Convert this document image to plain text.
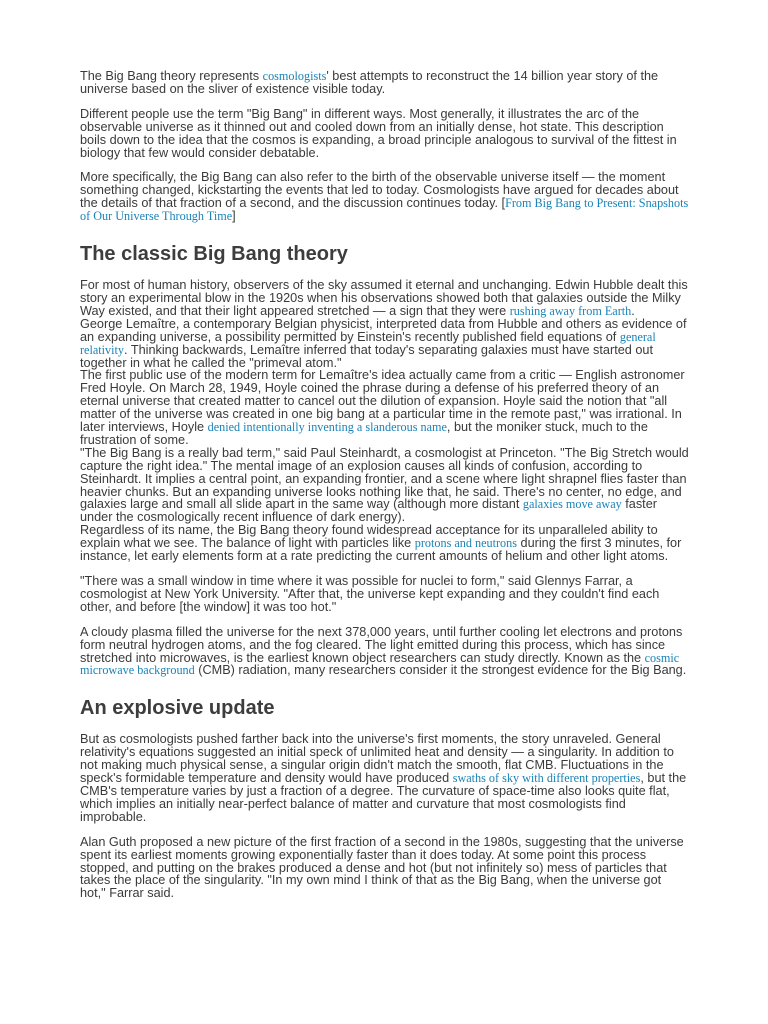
The Big Bang theory represents cosmologists' best attempts to reconstruct the 14 billion year story of the universe based on the sliver of existence visible today.

Different people use the term "Big Bang" in different ways. Most generally, it illustrates the arc of the observable universe as it thinned out and cooled down from an initially dense, hot state. This description boils down to the idea that the cosmos is expanding, a broad principle analogous to survival of the fittest in biology that few would consider debatable.

More specifically, the Big Bang can also refer to the birth of the observable universe itself — the moment something changed, kickstarting the events that led to today. Cosmologists have argued for decades about the details of that fraction of a second, and the discussion continues today. [From Big Bang to Present: Snapshots of Our Universe Through Time]

The classic Big Bang theory

For most of human history, observers of the sky assumed it eternal and unchanging. Edwin Hubble dealt this story an experimental blow in the 1920s when his observations showed both that galaxies outside the Milky Way existed, and that their light appeared stretched — a sign that they were rushing away from Earth.

George Lemaître, a contemporary Belgian physicist, interpreted data from Hubble and others as evidence of an expanding universe, a possibility permitted by Einstein's recently published field equations of general relativity. Thinking backwards, Lemaître inferred that today's separating galaxies must have started out together in what he called the "primeval atom."

The first public use of the modern term for Lemaître's idea actually came from a critic — English astronomer Fred Hoyle. On March 28, 1949, Hoyle coined the phrase during a defense of his preferred theory of an eternal universe that created matter to cancel out the dilution of expansion. Hoyle said the notion that "all matter of the universe was created in one big bang at a particular time in the remote past," was irrational. In later interviews, Hoyle denied intentionally inventing a slanderous name, but the moniker stuck, much to the frustration of some.

"The Big Bang is a really bad term," said Paul Steinhardt, a cosmologist at Princeton. "The Big Stretch would capture the right idea." The mental image of an explosion causes all kinds of confusion, according to Steinhardt. It implies a central point, an expanding frontier, and a scene where light shrapnel flies faster than heavier chunks. But an expanding universe looks nothing like that, he said. There's no center, no edge, and galaxies large and small all slide apart in the same way (although more distant galaxies move away faster under the cosmologically recent influence of dark energy).

Regardless of its name, the Big Bang theory found widespread acceptance for its unparalleled ability to explain what we see. The balance of light with particles like protons and neutrons during the first 3 minutes, for instance, let early elements form at a rate predicting the current amounts of helium and other light atoms.

"There was a small window in time where it was possible for nuclei to form," said Glennys Farrar, a cosmologist at New York University. "After that, the universe kept expanding and they couldn't find each other, and before [the window] it was too hot."

A cloudy plasma filled the universe for the next 378,000 years, until further cooling let electrons and protons form neutral hydrogen atoms, and the fog cleared. The light emitted during this process, which has since stretched into microwaves, is the earliest known object researchers can study directly. Known as the cosmic microwave background (CMB) radiation, many researchers consider it the strongest evidence for the Big Bang.

An explosive update

But as cosmologists pushed farther back into the universe's first moments, the story unraveled. General relativity's equations suggested an initial speck of unlimited heat and density — a singularity. In addition to not making much physical sense, a singular origin didn't match the smooth, flat CMB. Fluctuations in the speck's formidable temperature and density would have produced swaths of sky with different properties, but the CMB's temperature varies by just a fraction of a degree. The curvature of space-time also looks quite flat, which implies an initially near-perfect balance of matter and curvature that most cosmologists find improbable.

Alan Guth proposed a new picture of the first fraction of a second in the 1980s, suggesting that the universe spent its earliest moments growing exponentially faster than it does today. At some point this process stopped, and putting on the brakes produced a dense and hot (but not infinitely so) mess of particles that takes the place of the singularity. "In my own mind I think of that as the Big Bang, when the universe got hot," Farrar said.
